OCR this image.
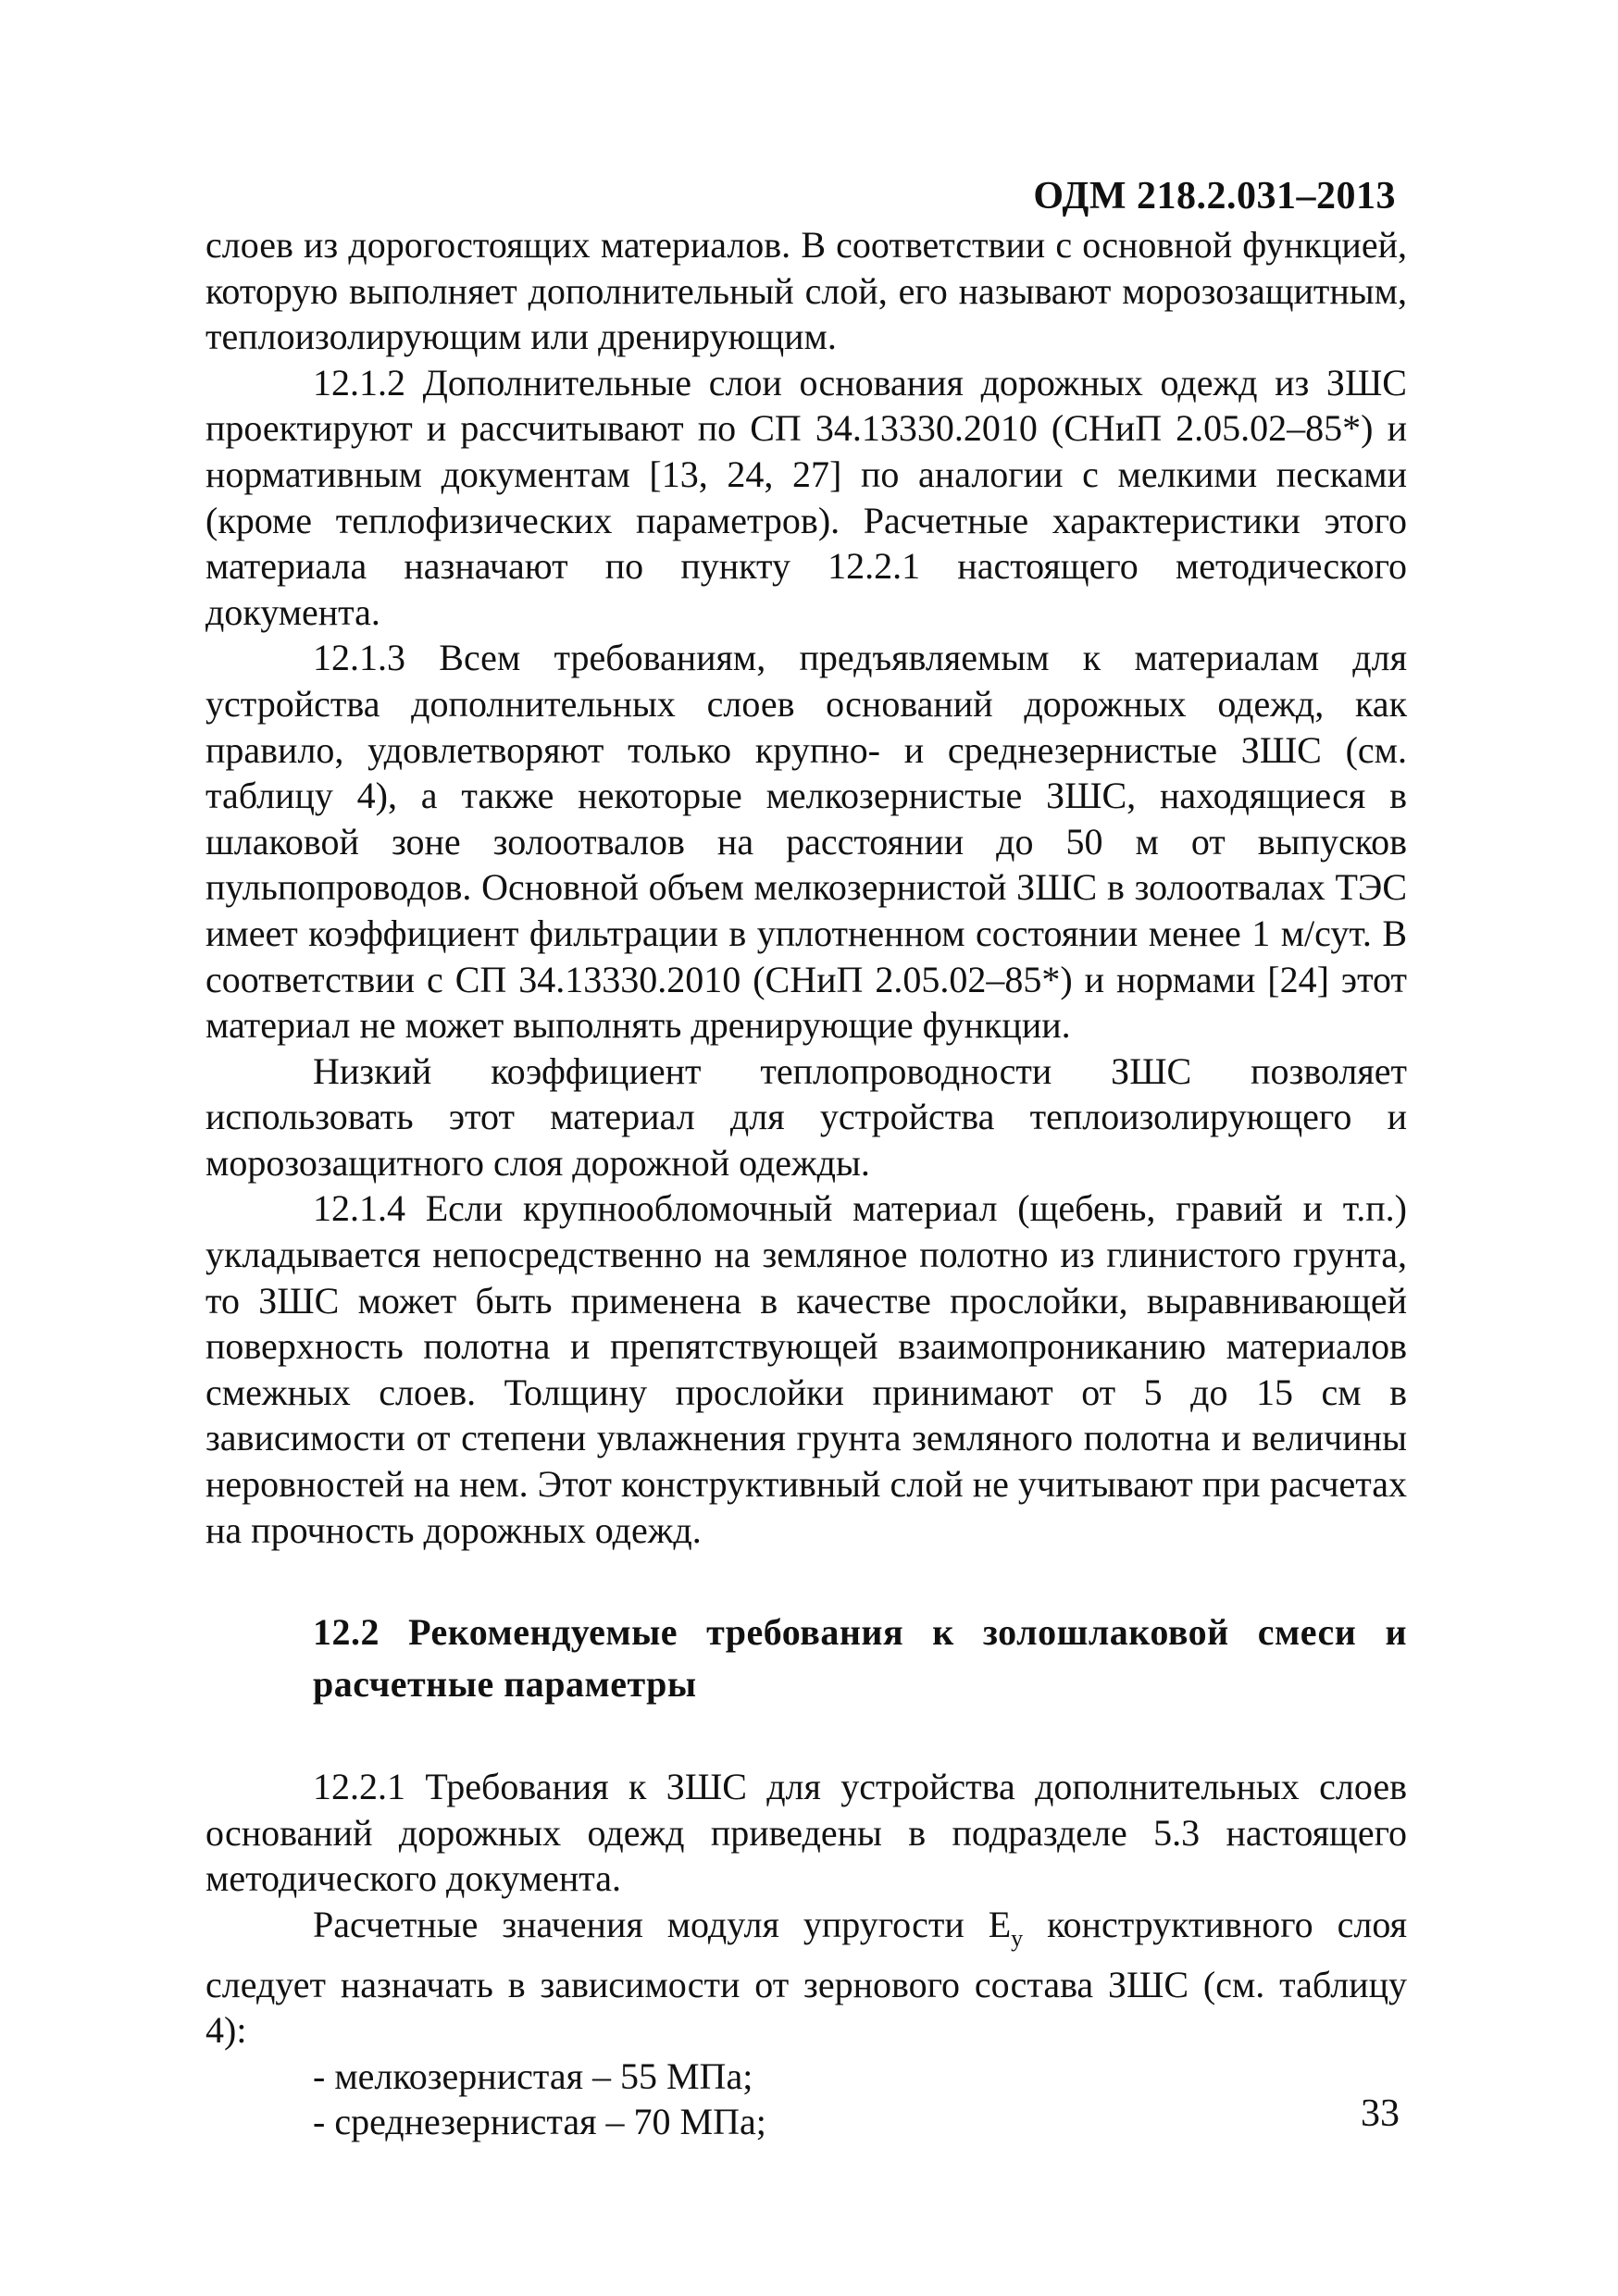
ОДМ 218.2.031–2013

слоев из дорогостоящих материалов. В соответствии с основной функцией, которую выполняет дополнительный слой, его называют морозозащитным, теплоизолирующим или дренирующим.

12.1.2 Дополнительные слои основания дорожных одежд из ЗШС проектируют и рассчитывают по СП 34.13330.2010 (СНиП 2.05.02–85*) и нормативным документам [13, 24, 27] по аналогии с мелкими песками (кроме теплофизических параметров). Расчетные характеристики этого материала назначают по пункту 12.2.1 настоящего методического документа.

12.1.3 Всем требованиям, предъявляемым к материалам для устройства дополнительных слоев оснований дорожных одежд, как правило, удовлетворяют только крупно- и среднезернистые ЗШС (см. таблицу 4), а также некоторые мелкозернистые ЗШС, находящиеся в шлаковой зоне золоотвалов на расстоянии до 50 м от выпусков пульпопроводов. Основной объем мелкозернистой ЗШС в золоотвалах ТЭС имеет коэффициент фильтрации в уплотненном состоянии менее 1 м/сут. В соответствии с СП 34.13330.2010 (СНиП 2.05.02–85*) и нормами [24] этот материал не может выполнять дренирующие функции.

Низкий коэффициент теплопроводности ЗШС позволяет использовать этот материал для устройства теплоизолирующего и морозозащитного слоя дорожной одежды.

12.1.4 Если крупнообломочный материал (щебень, гравий и т.п.) укладывается непосредственно на земляное полотно из глинистого грунта, то ЗШС может быть применена в качестве прослойки, выравнивающей поверхность полотна и препятствующей взаимопрониканию материалов смежных слоев. Толщину прослойки принимают от 5 до 15 см в зависимости от степени увлажнения грунта земляного полотна и величины неровностей на нем. Этот конструктивный слой не учитывают при расчетах на прочность дорожных одежд.

12.2 Рекомендуемые требования к золошлаковой смеси и расчетные параметры

12.2.1 Требования к ЗШС для устройства дополнительных слоев оснований дорожных одежд приведены в подразделе 5.3 настоящего методического документа.

Расчетные значения модуля упругости $E_у$ конструктивного слоя следует назначать в зависимости от зернового состава ЗШС (см. таблицу 4):

- мелкозернистая – 55 МПа;

- среднезернистая – 70 МПа;	33
